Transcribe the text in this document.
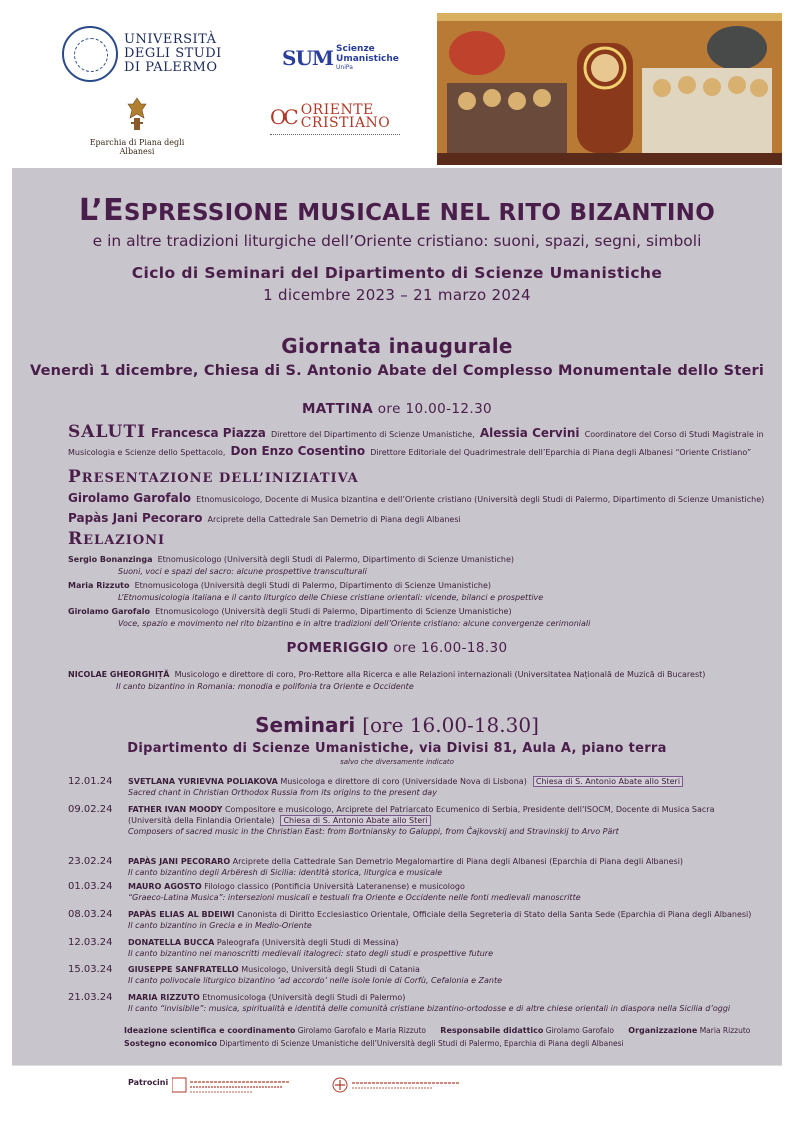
UNIVERSITÀ
DEGLI STUDI
DI PALERMO
Eparchia di Piana degli Albanesi
SUM Scienze
Umanistiche
UniPa
OC ORIENTE
CRISTIANO
L’ESPRESSIONE MUSICALE NEL RITO BIZANTINO
e in altre tradizioni liturgiche dell’Oriente cristiano: suoni, spazi, segni, simboli
Ciclo di Seminari del Dipartimento di Scienze Umanistiche
1 dicembre 2023 – 21 marzo 2024
Giornata inaugurale
Venerdì 1 dicembre, Chiesa di S. Antonio Abate del Complesso Monumentale dello Steri
MATTINA ore 10.00-12.30
SALUTI Francesca Piazza Direttore del Dipartimento di Scienze Umanistiche, Alessia Cervini Coordinatore del Corso di Studi Magistrale in
Musicologia e Scienze dello Spettacolo, Don Enzo Cosentino Direttore Editoriale del Quadrimestrale dell’Eparchia di Piana degli Albanesi “Oriente Cristiano”
PRESENTAZIONE DELL’INIZIATIVA
Girolamo Garofalo Etnomusicologo, Docente di Musica bizantina e dell’Oriente cristiano (Università degli Studi di Palermo, Dipartimento di Scienze Umanistiche)
Papàs Jani Pecoraro Arciprete della Cattedrale San Demetrio di Piana degli Albanesi
RELAZIONI
Sergio Bonanzinga Etnomusicologo (Università degli Studi di Palermo, Dipartimento di Scienze Umanistiche)
Suoni, voci e spazi del sacro: alcune prospettive transculturali
Maria Rizzuto Etnomusicologa (Università degli Studi di Palermo, Dipartimento di Scienze Umanistiche)
L’Etnomusicologia italiana e il canto liturgico delle Chiese cristiane orientali: vicende, bilanci e prospettive
Girolamo Garofalo Etnomusicologo (Università degli Studi di Palermo, Dipartimento di Scienze Umanistiche)
Voce, spazio e movimento nel rito bizantino e in altre tradizioni dell’Oriente cristiano: alcune convergenze cerimoniali
POMERIGGIO ore 16.00-18.30
NICOLAE GHEORGHIȚĂ Musicologo e direttore di coro, Pro-Rettore alla Ricerca e alle Relazioni internazionali (Universitatea Națională de Muzică di Bucarest)
Il canto bizantino in Romania: monodia e polifonia tra Oriente e Occidente
Seminari [ore 16.00-18.30]
Dipartimento di Scienze Umanistiche, via Divisi 81, Aula A, piano terra
salvo che diversamente indicato
12.01.24 SVETLANA YURIEVNA POLIAKOVA Musicologa e direttore di coro (Universidade Nova di Lisbona) Chiesa di S. Antonio Abate allo Steri
Sacred chant in Christian Orthodox Russia from its origins to the present day
09.02.24 FATHER IVAN MOODY Compositore e musicologo, Arciprete del Patriarcato Ecumenico di Serbia, Presidente dell’ISOCM, Docente di Musica Sacra
(Università della Finlandia Orientale) Chiesa di S. Antonio Abate allo Steri
Composers of sacred music in the Christian East: from Bortniansky to Galuppi, from Čajkovskij and Stravinskij to Arvo Pärt
23.02.24 PAPÀS JANI PECORARO Arciprete della Cattedrale San Demetrio Megalomartire di Piana degli Albanesi (Eparchia di Piana degli Albanesi)
Il canto bizantino degli Arbëresh di Sicilia: identità storica, liturgica e musicale
01.03.24 MAURO AGOSTO Filologo classico (Pontificia Università Lateranense) e musicologo
“Graeco-Latina Musica”: intersezioni musicali e testuali fra Oriente e Occidente nelle fonti medievali manoscritte
08.03.24 PAPÀS ELIAS AL BDEIWI Canonista di Diritto Ecclesiastico Orientale, Officiale della Segreteria di Stato della Santa Sede (Eparchia di Piana degli Albanesi)
Il canto bizantino in Grecia e in Medio-Oriente
12.03.24 DONATELLA BUCCA Paleografa (Università degli Studi di Messina)
Il canto bizantino nei manoscritti medievali italogreci: stato degli studi e prospettive future
15.03.24 GIUSEPPE SANFRATELLO Musicologo, Università degli Studi di Catania
Il canto polivocale liturgico bizantino ‘ad accordo’ nelle isole Ionie di Corfù, Cefalonia e Zante
21.03.24 MARIA RIZZUTO Etnomusicologa (Università degli Studi di Palermo)
Il canto “invisibile”: musica, spiritualità e identità delle comunità cristiane bizantino-ortodosse e di altre chiese orientali in diaspora nella Sicilia d’oggi
Ideazione scientifica e coordinamento Girolamo Garofalo e Maria Rizzuto Responsabile didattico Girolamo Garofalo Organizzazione Maria Rizzuto
Sostegno economico Dipartimento di Scienze Umanistiche dell’Università degli Studi di Palermo, Eparchia di Piana degli Albanesi
Patrocini
